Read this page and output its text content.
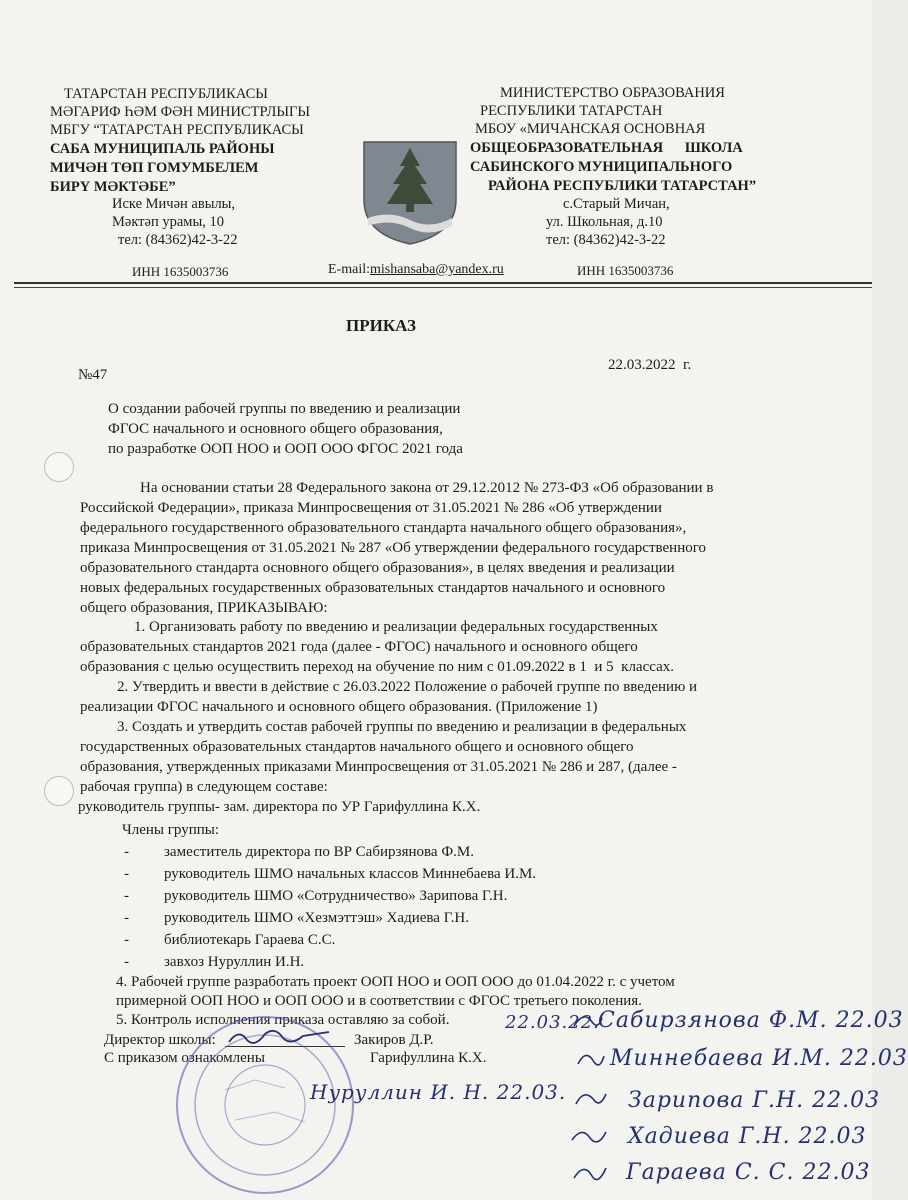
ТАТАРСТАН РЕСПУБЛИКАСЫ
МӘГАРИФ ҺӘМ ФӘН МИНИСТРЛЫГЫ
МБГУ “ТАТАРСТАН РЕСПУБЛИКАСЫ
САБА МУНИЦИПАЛЬ РАЙОНЫ
МИЧӘН ТӨП ГОМУМБЕЛЕМ
БИРҮ МӘКТӘБЕ”
Иске Мичән авылы,
Мәктәп урамы, 10
тел: (84362)42-3-22
МИНИСТЕРСТВО ОБРАЗОВАНИЯ
РЕСПУБЛИКИ ТАТАРСТАН
МБОУ «МИЧАНСКАЯ ОСНОВНАЯ
ОБЩЕОБРАЗОВАТЕЛЬНАЯ      ШКОЛА
САБИНСКОГО МУНИЦИПАЛЬНОГО
РАЙОНА РЕСПУБЛИКИ ТАТАРСТАН”
с.Старый Мичан,
ул. Школьная, д.10
тел: (84362)42-3-22
ИНН 1635003736	E-mail:mishansaba@yandex.ru	ИНН 1635003736
ПРИКАЗ
22.03.2022  г.
№47
О создании рабочей группы по введению и реализации
ФГОС начального и основного общего образования,
по разработке ООП НОО и ООП ООО ФГОС 2021 года
На основании статьи 28 Федерального закона от 29.12.2012 № 273-ФЗ «Об образовании в
Российской Федерации», приказа Минпросвещения от 31.05.2021 № 286 «Об утверждении
федерального государственного образовательного стандарта начального общего образования»,
приказа Минпросвещения от 31.05.2021 № 287 «Об утверждении федерального государственного
образовательного стандарта основного общего образования», в целях введения и реализации
новых федеральных государственных образовательных стандартов начального и основного
общего образования, ПРИКАЗЫВАЮ:
1. Организовать работу по введению и реализации федеральных государственных
образовательных стандартов 2021 года (далее - ФГОС) начального и основного общего
образования с целью осуществить переход на обучение по ним с 01.09.2022 в 1  и 5  классах.
2. Утвердить и ввести в действие с 26.03.2022 Положение о рабочей группе по введению и
реализации ФГОС начального и основного общего образования. (Приложение 1)
3. Создать и утвердить состав рабочей группы по введению и реализации в федеральных
государственных образовательных стандартов начального общего и основного общего
образования, утвержденных приказами Минпросвещения от 31.05.2021 № 286 и 287, (далее -
рабочая группа) в следующем составе:
руководитель группы- зам. директора по УР Гарифуллина К.Х.
Члены группы:
- заместитель директора по ВР Сабирзянова Ф.М.
- руководитель ШМО начальных классов Миннебаева И.М.
- руководитель ШМО «Сотрудничество» Зарипова Г.Н.
- руководитель ШМО «Хезмэттэш» Хадиева Г.Н.
- библиотекарь Гараева С.С.
- завхоз Нуруллин И.Н.
4. Рабочей группе разработать проект ООП НОО и ООП ООО до 01.04.2022 г. с учетом
примерной ООП НОО и ООП ООО и в соответствии с ФГОС третьего поколения.
5. Контроль исполнения приказа оставляю за собой.
Директор школы:	Закиров Д.Р.
С приказом ознакомлены	Гарифуллина К.Х.
22.03.22.
Сабирзянова Ф.М. 22.03
Миннебаева И.М. 22.03
Зарипова Г.Н. 22.03
Хадиева Г.Н. 22.03
Гараева С. С. 22.03
Нуруллин И. Н. 22.03.
